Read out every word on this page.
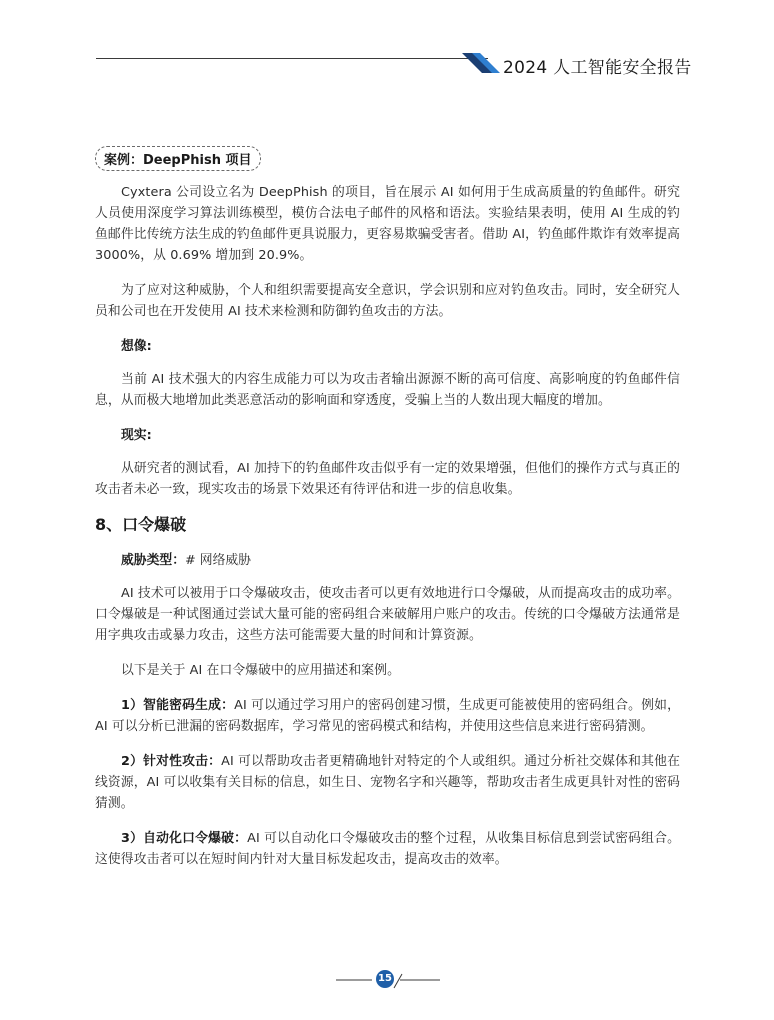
2024 人工智能安全报告
案例：DeepPhish 项目

Cyxtera 公司设立名为 DeepPhish 的项目，旨在展示 AI 如何用于生成高质量的钓鱼邮件。研究人员使用深度学习算法训练模型，模仿合法电子邮件的风格和语法。实验结果表明，使用 AI 生成的钓鱼邮件比传统方法生成的钓鱼邮件更具说服力，更容易欺骗受害者。借助 AI，钓鱼邮件欺诈有效率提高 3000%，从 0.69% 增加到 20.9%。

为了应对这种威胁，个人和组织需要提高安全意识，学会识别和应对钓鱼攻击。同时，安全研究人员和公司也在开发使用 AI 技术来检测和防御钓鱼攻击的方法。

想像:

当前 AI 技术强大的内容生成能力可以为攻击者输出源源不断的高可信度、高影响度的钓鱼邮件信息，从而极大地增加此类恶意活动的影响面和穿透度，受骗上当的人数出现大幅度的增加。

现实:

从研究者的测试看，AI 加持下的钓鱼邮件攻击似乎有一定的效果增强，但他们的操作方式与真正的攻击者未必一致，现实攻击的场景下效果还有待评估和进一步的信息收集。

8、口令爆破
威胁类型：# 网络威胁

AI 技术可以被用于口令爆破攻击，使攻击者可以更有效地进行口令爆破，从而提高攻击的成功率。口令爆破是一种试图通过尝试大量可能的密码组合来破解用户账户的攻击。传统的口令爆破方法通常是用字典攻击或暴力攻击，这些方法可能需要大量的时间和计算资源。

以下是关于 AI 在口令爆破中的应用描述和案例。

1）智能密码生成：AI 可以通过学习用户的密码创建习惯，生成更可能被使用的密码组合。例如，AI 可以分析已泄漏的密码数据库，学习常见的密码模式和结构，并使用这些信息来进行密码猜测。

2）针对性攻击：AI 可以帮助攻击者更精确地针对特定的个人或组织。通过分析社交媒体和其他在线资源，AI 可以收集有关目标的信息，如生日、宠物名字和兴趣等，帮助攻击者生成更具针对性的密码猜测。

3）自动化口令爆破：AI 可以自动化口令爆破攻击的整个过程，从收集目标信息到尝试密码组合。这使得攻击者可以在短时间内针对大量目标发起攻击，提高攻击的效率。

15
